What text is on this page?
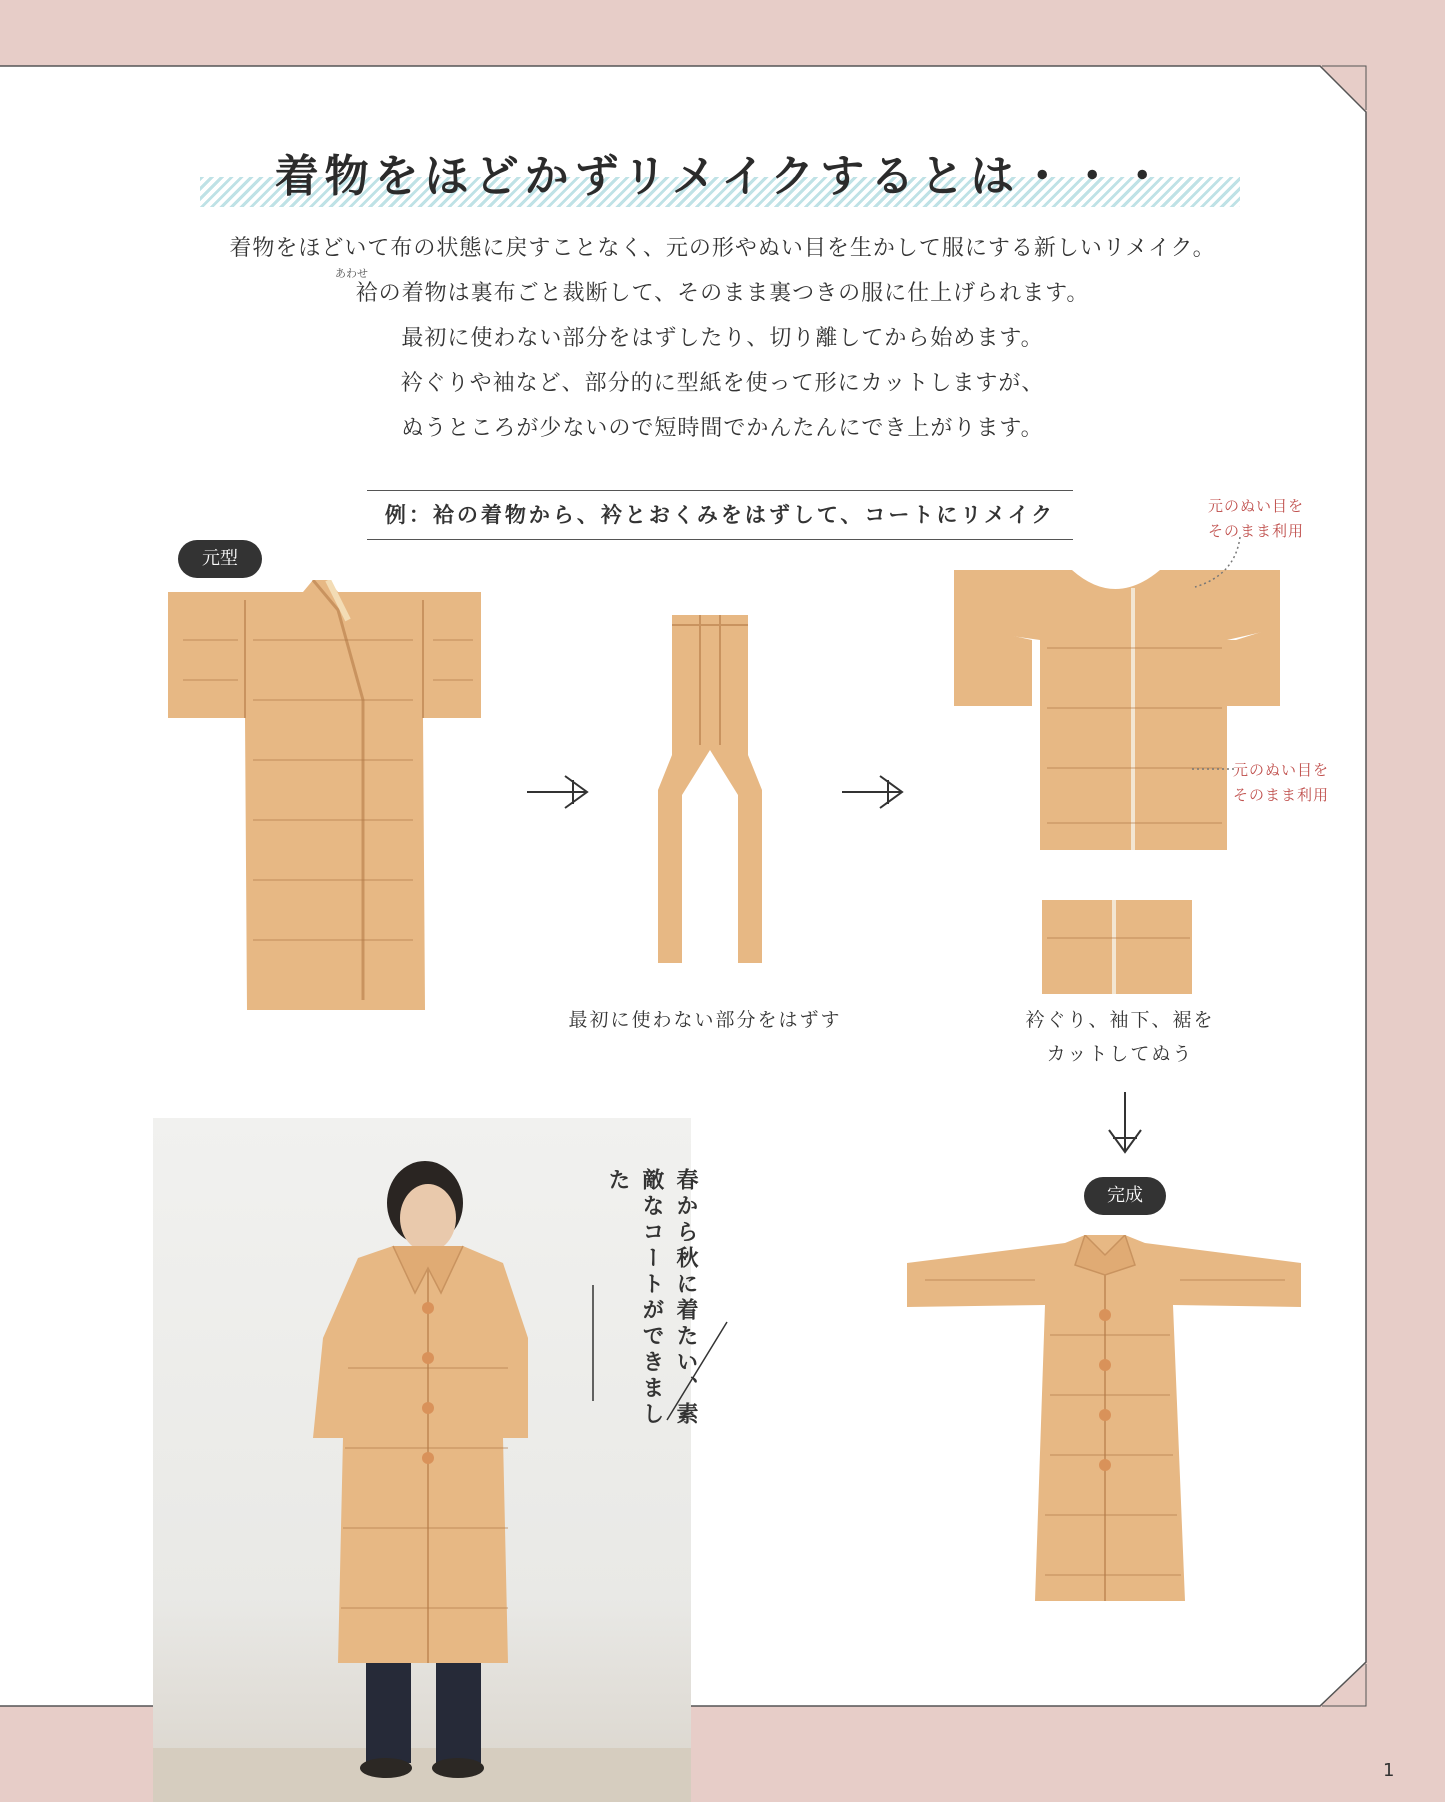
着物をほどかずリメイクするとは・・・
あわせ

着物をほどいて布の状態に戻すことなく、元の形やぬい目を生かして服にする新しいリメイク。

袷の着物は裏布ごと裁断して、そのまま裏つきの服に仕上げられます。

最初に使わない部分をはずしたり、切り離してから始めます。

衿ぐりや袖など、部分的に型紙を使って形にカットしますが、

ぬうところが少ないので短時間でかんたんにでき上がります。

例：袷の着物から、衿とおくみをはずして、コートにリメイク
元型
最初に使わない部分をはずす
元のぬい目を
そのまま利用
元のぬい目を
そのまま利用
衿ぐり、袖下、裾を
カットしてぬう
完成
春から秋に着たい、素敵なコートができました
1
